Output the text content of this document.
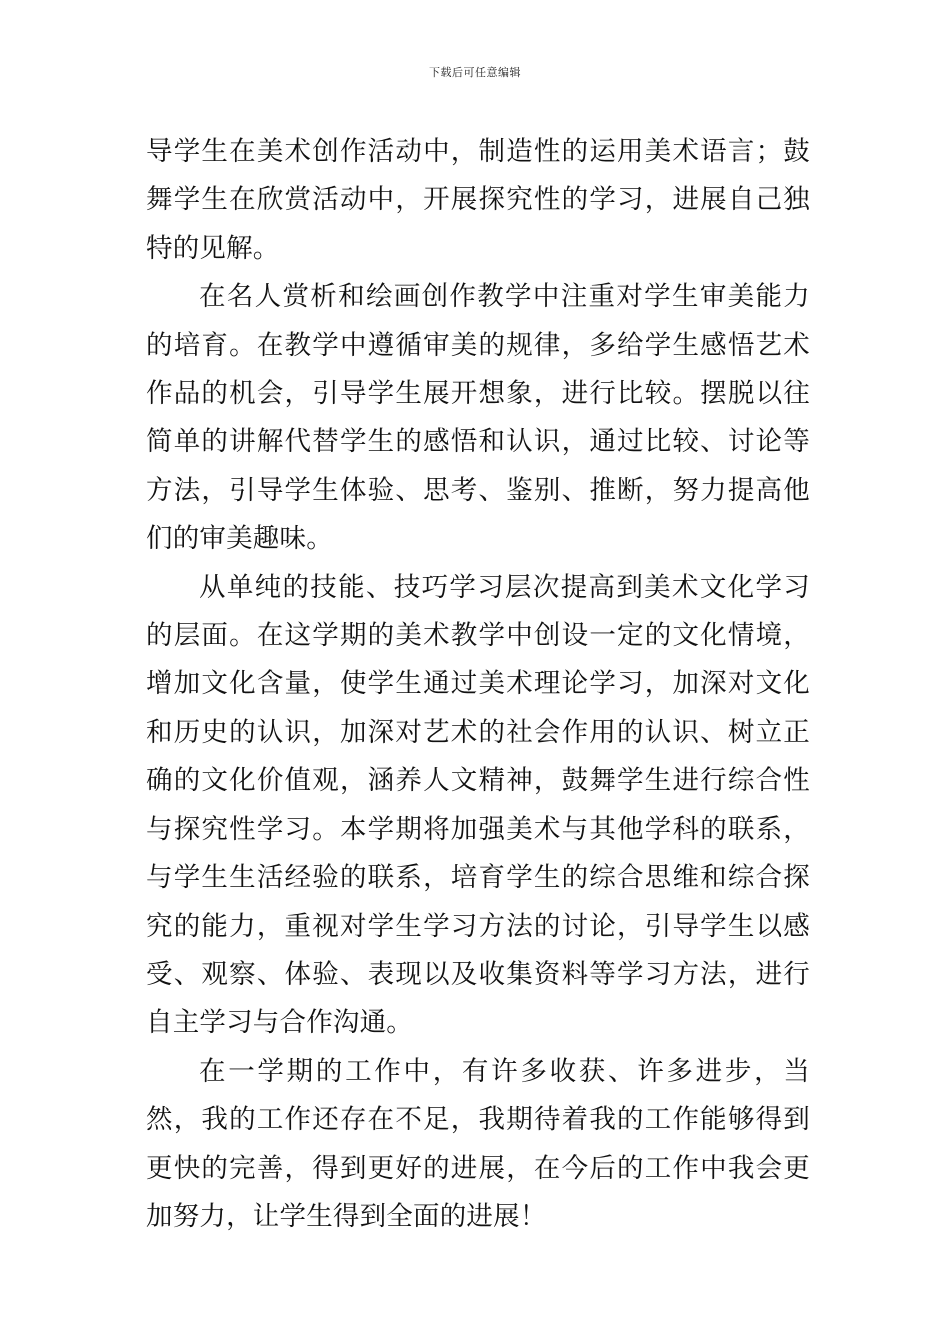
下载后可任意编辑

导学生在美术创作活动中，制造性的运用美术语言；鼓舞学生在欣赏活动中，开展探究性的学习，进展自己独特的见解。

在名人赏析和绘画创作教学中注重对学生审美能力的培育。在教学中遵循审美的规律，多给学生感悟艺术作品的机会，引导学生展开想象，进行比较。摆脱以往简单的讲解代替学生的感悟和认识，通过比较、讨论等方法，引导学生体验、思考、鉴别、推断，努力提高他们的审美趣味。

从单纯的技能、技巧学习层次提高到美术文化学习的层面。在这学期的美术教学中创设一定的文化情境，增加文化含量，使学生通过美术理论学习，加深对文化和历史的认识，加深对艺术的社会作用的认识、树立正确的文化价值观，涵养人文精神，鼓舞学生进行综合性与探究性学习。本学期将加强美术与其他学科的联系，与学生生活经验的联系，培育学生的综合思维和综合探究的能力，重视对学生学习方法的讨论，引导学生以感受、观察、体验、表现以及收集资料等学习方法，进行自主学习与合作沟通。

在一学期的工作中，有许多收获、许多进步，当然，我的工作还存在不足，我期待着我的工作能够得到更快的完善，得到更好的进展，在今后的工作中我会更加努力，让学生得到全面的进展！
